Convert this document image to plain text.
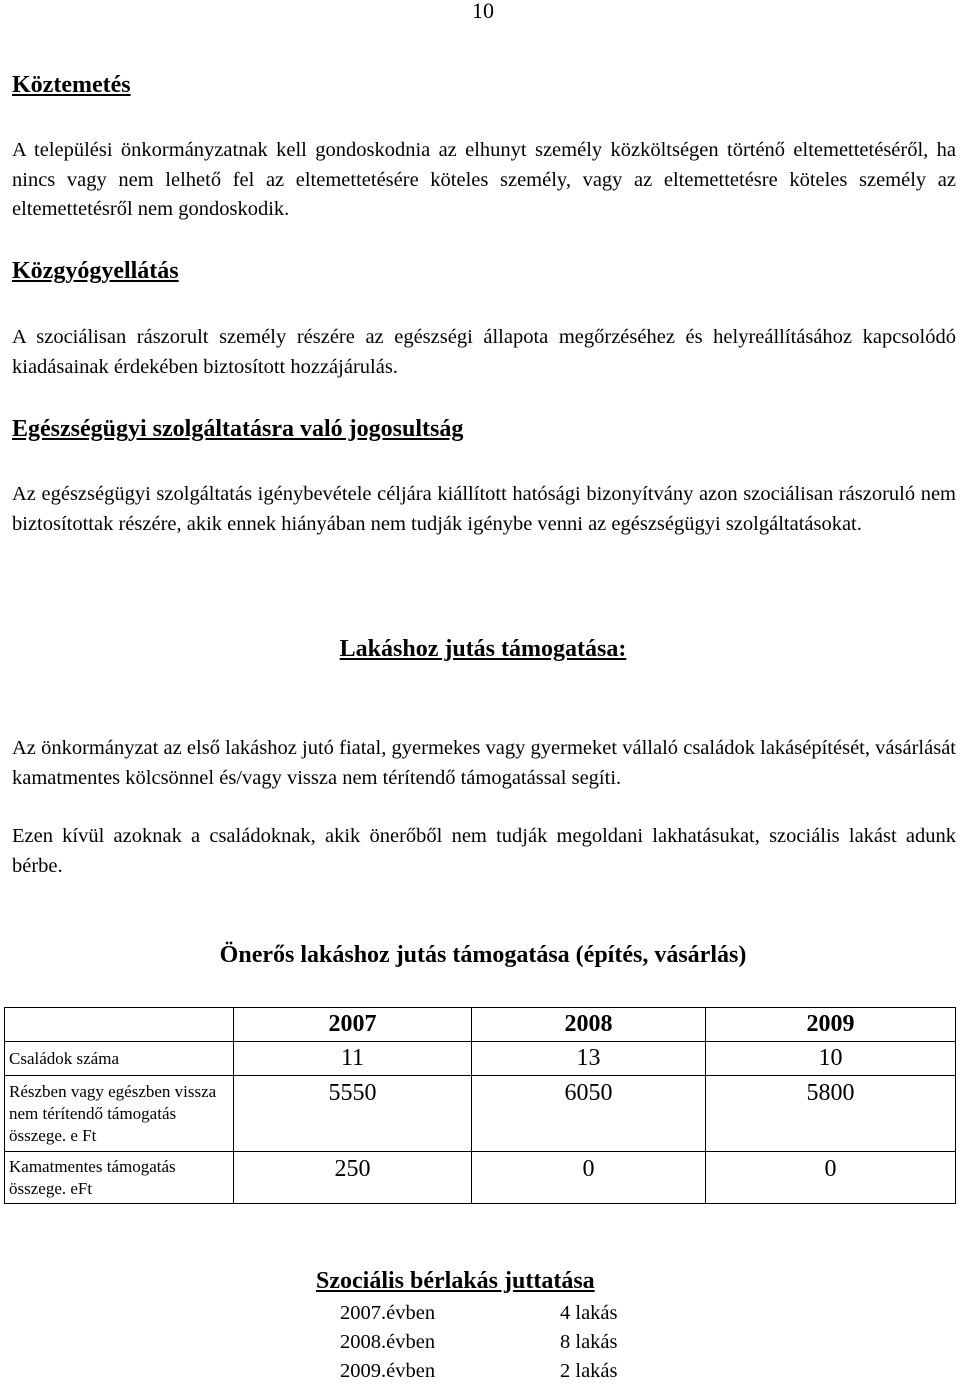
10
Köztemetés
A települési önkormányzatnak kell gondoskodnia az elhunyt személy közköltségen történő eltemettetéséről, ha nincs vagy nem lelhető fel az eltemettetésére köteles személy, vagy az eltemettetésre köteles személy az eltemettetésről nem gondoskodik.
Közgyógyellátás
A szociálisan rászorult személy részére az egészségi állapota megőrzéséhez és helyreállításához kapcsolódó kiadásainak érdekében biztosított hozzájárulás.
Egészségügyi szolgáltatásra való jogosultság
Az egészségügyi szolgáltatás igénybevétele céljára kiállított hatósági bizonyítvány azon szociálisan rászoruló nem biztosítottak részére, akik ennek hiányában nem tudják igénybe venni az egészségügyi szolgáltatásokat.
Lakáshoz jutás támogatása:
Az önkormányzat az első lakáshoz jutó fiatal, gyermekes vagy gyermeket vállaló családok lakásépítését, vásárlását kamatmentes kölcsönnel és/vagy vissza nem térítendő támogatással segíti.
Ezen kívül azoknak a családoknak, akik önerőből nem tudják megoldani lakhatásukat, szociális lakást adunk bérbe.
Önerős lakáshoz jutás támogatása (építés, vásárlás)
	2007	2008	2009
Családok száma	11	13	10
Részben vagy egészben vissza nem térítendő támogatás összege. e Ft	5550	6050	5800
Kamatmentes támogatás összege. eFt	250	0	0
Szociális bérlakás juttatása
2007.évben	4 lakás
2008.évben	8 lakás
2009.évben	2 lakás
